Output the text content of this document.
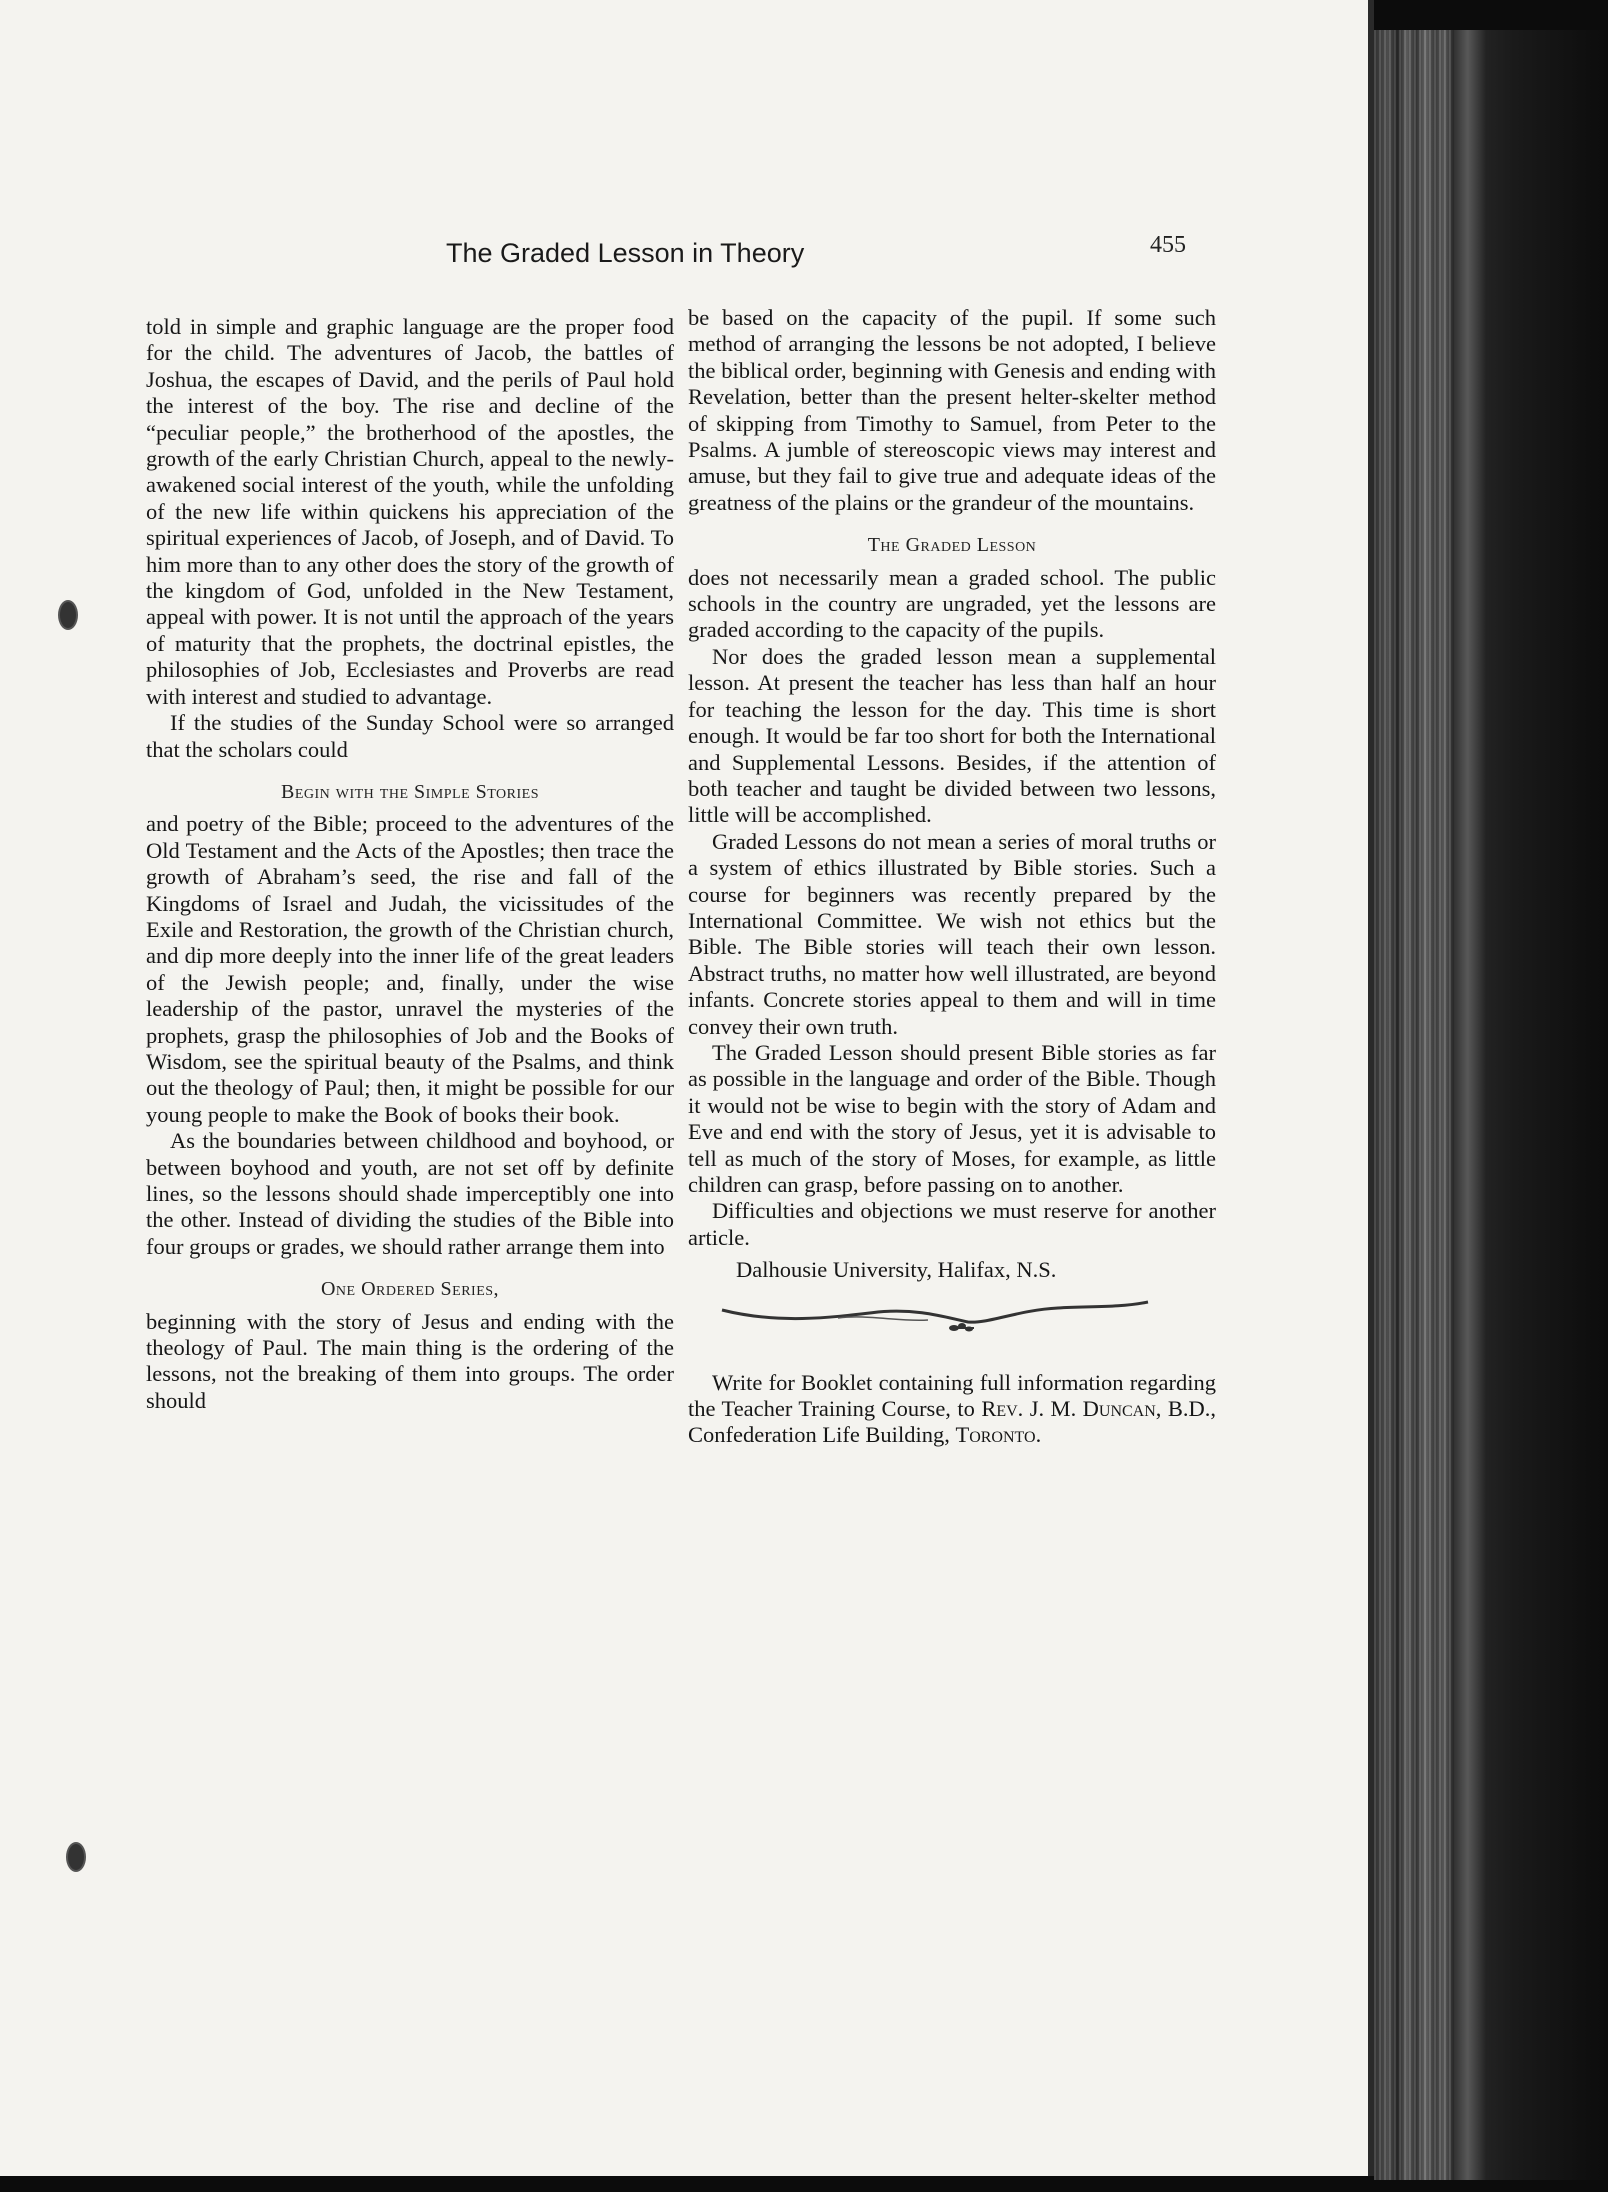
The Graded Lesson in Theory	455

told in simple and graphic language are the proper food for the child. The adventures of Jacob, the battles of Joshua, the escapes of David, and the perils of Paul hold the interest of the boy. The rise and decline of the “peculiar people,” the brotherhood of the apostles, the growth of the early Christian Church, appeal to the newly-awakened social interest of the youth, while the unfolding of the new life within quickens his appreciation of the spiritual experiences of Jacob, of Joseph, and of David. To him more than to any other does the story of the growth of the kingdom of God, unfolded in the New Testament, appeal with power. It is not until the approach of the years of maturity that the prophets, the doctrinal epistles, the philosophies of Job, Ecclesiastes and Proverbs are read with interest and studied to advantage.

If the studies of the Sunday School were so arranged that the scholars could

Begin with the Simple Stories

and poetry of the Bible; proceed to the adventures of the Old Testament and the Acts of the Apostles; then trace the growth of Abraham’s seed, the rise and fall of the Kingdoms of Israel and Judah, the vicissitudes of the Exile and Restoration, the growth of the Christian church, and dip more deeply into the inner life of the great leaders of the Jewish people; and, finally, under the wise leadership of the pastor, unravel the mysteries of the prophets, grasp the philosophies of Job and the Books of Wisdom, see the spiritual beauty of the Psalms, and think out the theology of Paul; then, it might be possible for our young people to make the Book of books their book.

As the boundaries between childhood and boyhood, or between boyhood and youth, are not set off by definite lines, so the lessons should shade imperceptibly one into the other. Instead of dividing the studies of the Bible into four groups or grades, we should rather arrange them into

One Ordered Series,

beginning with the story of Jesus and ending with the theology of Paul. The main thing is the ordering of the lessons, not the breaking of them into groups. The order should

be based on the capacity of the pupil. If some such method of arranging the lessons be not adopted, I believe the biblical order, beginning with Genesis and ending with Revelation, better than the present helter-skelter method of skipping from Timothy to Samuel, from Peter to the Psalms. A jumble of stereoscopic views may interest and amuse, but they fail to give true and adequate ideas of the greatness of the plains or the grandeur of the mountains.

The Graded Lesson

does not necessarily mean a graded school. The public schools in the country are ungraded, yet the lessons are graded according to the capacity of the pupils.

Nor does the graded lesson mean a supplemental lesson. At present the teacher has less than half an hour for teaching the lesson for the day. This time is short enough. It would be far too short for both the International and Supplemental Lessons. Besides, if the attention of both teacher and taught be divided between two lessons, little will be accomplished.

Graded Lessons do not mean a series of moral truths or a system of ethics illustrated by Bible stories. Such a course for beginners was recently prepared by the International Committee. We wish not ethics but the Bible. The Bible stories will teach their own lesson. Abstract truths, no matter how well illustrated, are beyond infants. Concrete stories appeal to them and will in time convey their own truth.

The Graded Lesson should present Bible stories as far as possible in the language and order of the Bible. Though it would not be wise to begin with the story of Adam and Eve and end with the story of Jesus, yet it is advisable to tell as much of the story of Moses, for example, as little children can grasp, before passing on to another.

Difficulties and objections we must reserve for another article.

Dalhousie University, Halifax, N.S.

Write for Booklet containing full information regarding the Teacher Training Course, to Rev. J. M. Duncan, B.D., Confederation Life Building, Toronto.
